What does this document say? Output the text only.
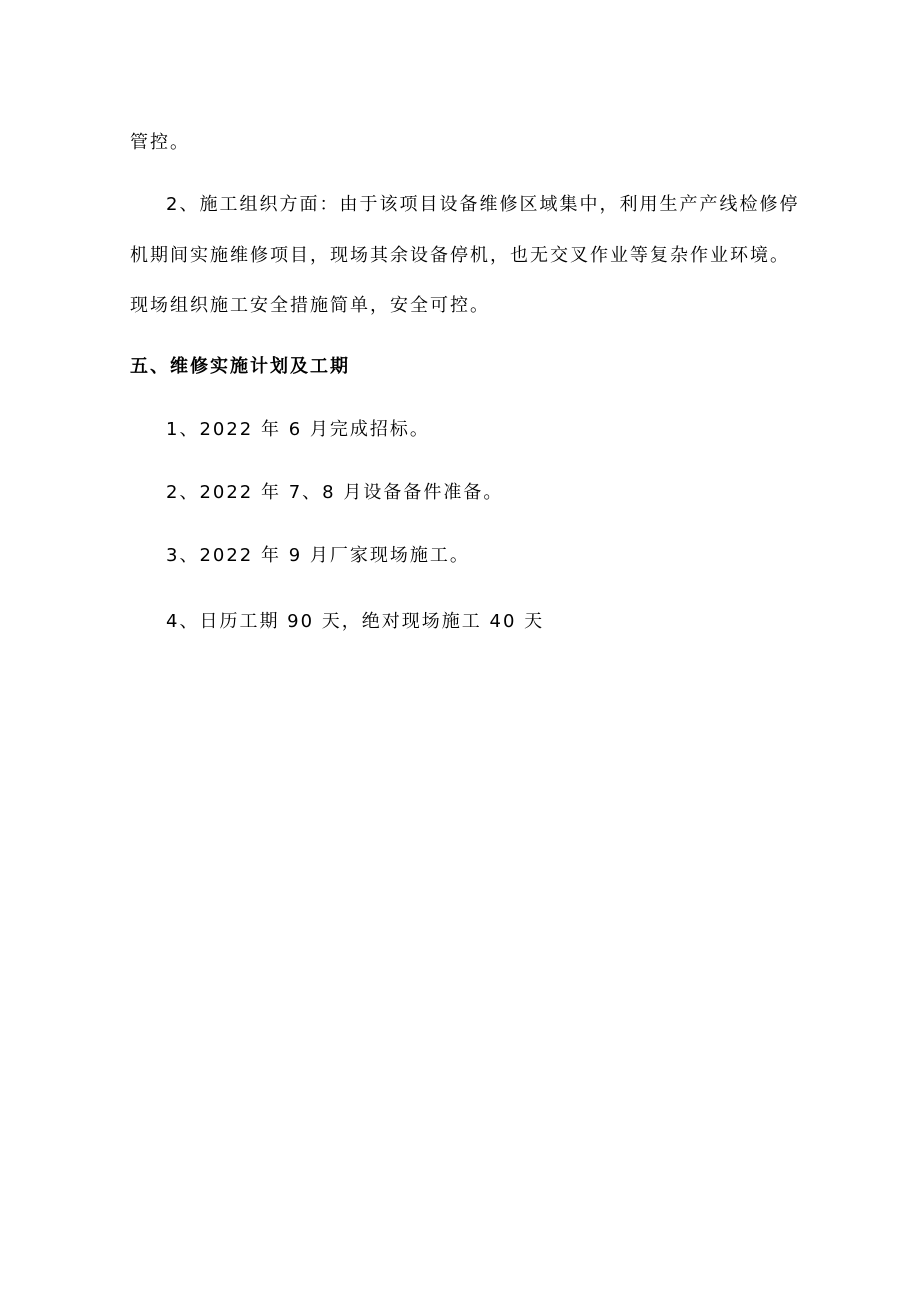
管控。
2、施工组织方面：由于该项目设备维修区域集中，利用生产产线检修停
机期间实施维修项目，现场其余设备停机，也无交叉作业等复杂作业环境。
现场组织施工安全措施简单，安全可控。
五、维修实施计划及工期
1、2022 年 6 月完成招标。
2、2022 年 7、8 月设备备件准备。
3、2022 年 9 月厂家现场施工。
4、日历工期 90 天，绝对现场施工 40 天
